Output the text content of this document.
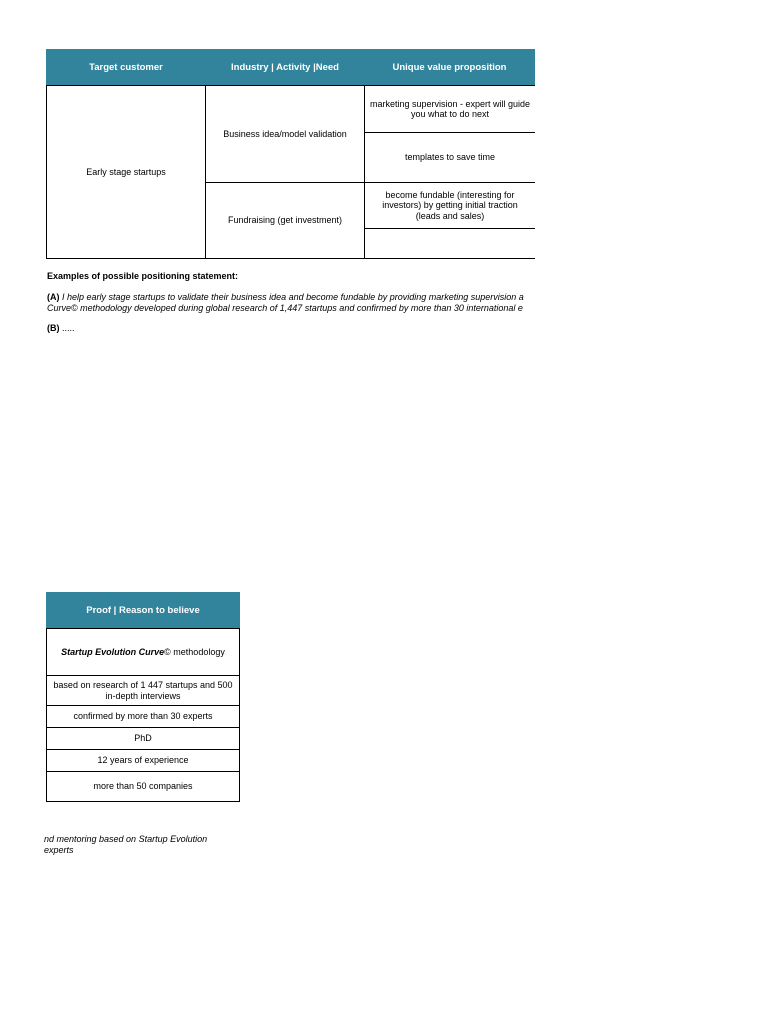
Target customer	Industry | Activity |Need	Unique value proposition
Early stage startups
Business idea/model validation
Fundraising (get investment)
marketing supervision - expert will guide you what to do next
templates to save time
become fundable (interesting for investors) by getting initial traction (leads and sales)
Examples of possible positioning statement:
(A) I help early stage startups to validate their business idea and become fundable by providing marketing supervision a
Curve© methodology developed during global research of 1,447 startups and confirmed by more than 30 international e
(B) .....
Proof | Reason to believe
Startup Evolution Curve© methodology
based on research of 1 447 startups and 500 in-depth interviews
confirmed by more than 30 experts
PhD
12 years of experience
more than 50 companies
nd mentoring based on Startup Evolution
experts
